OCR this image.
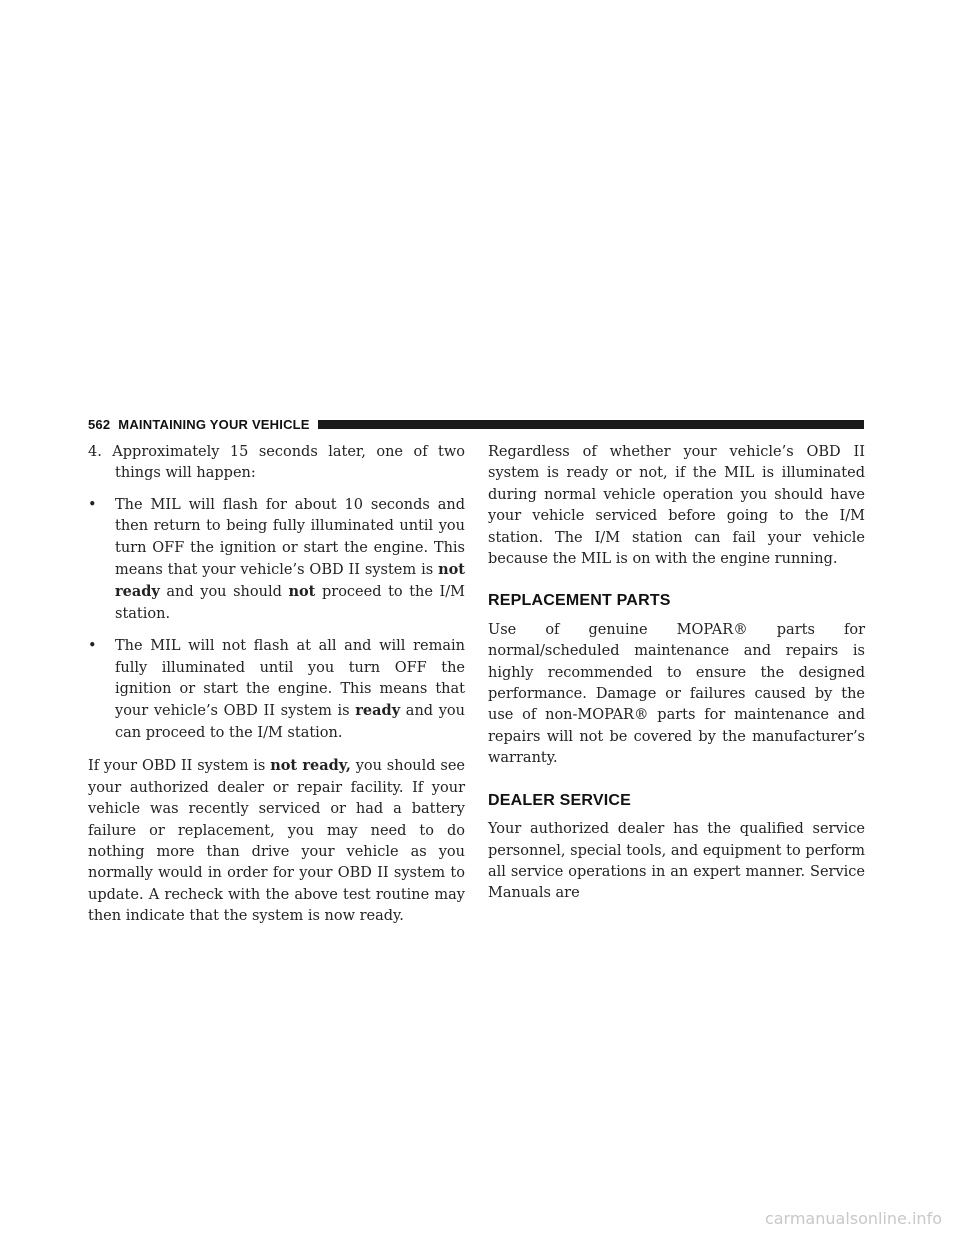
562 MAINTAINING YOUR VEHICLE

4. Approximately 15 seconds later, one of two things will happen:

•	The MIL will flash for about 10 seconds and then return to being fully illuminated until you turn OFF the ignition or start the engine. This means that your vehicle’s OBD II system is not ready and you should not proceed to the I/M station.

•	The MIL will not flash at all and will remain fully illuminated until you turn OFF the ignition or start the engine. This means that your vehicle’s OBD II system is ready and you can proceed to the I/M station.

If your OBD II system is not ready, you should see your authorized dealer or repair facility. If your vehicle was recently serviced or had a battery failure or replacement, you may need to do nothing more than drive your vehicle as you normally would in order for your OBD II system to update. A recheck with the above test routine may then indicate that the system is now ready.

Regardless of whether your vehicle’s OBD II system is ready or not, if the MIL is illuminated during normal vehicle operation you should have your vehicle serviced before going to the I/M station. The I/M station can fail your vehicle because the MIL is on with the engine running.

REPLACEMENT PARTS

Use of genuine MOPAR® parts for normal/scheduled maintenance and repairs is highly recommended to ensure the designed performance. Damage or failures caused by the use of non-MOPAR® parts for maintenance and repairs will not be covered by the manufacturer’s warranty.

DEALER SERVICE

Your authorized dealer has the qualified service personnel, special tools, and equipment to perform all service operations in an expert manner. Service Manuals are

carmanualsonline.info
